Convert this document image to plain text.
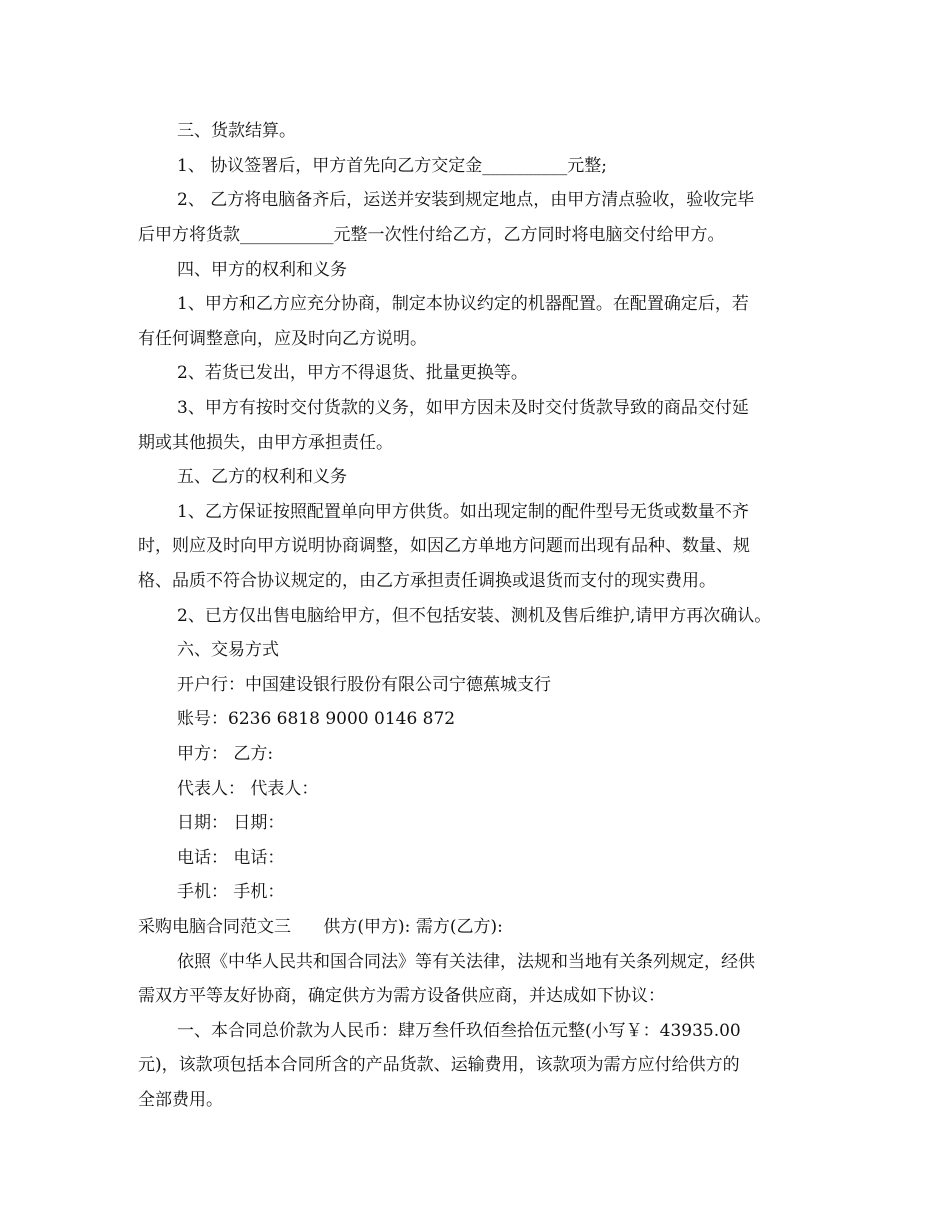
三、货款结算。
1、 协议签署后，甲方首先向乙方交定金__________元整;
2、 乙方将电脑备齐后，运送并安装到规定地点，由甲方清点验收，验收完毕
后甲方将货款___________元整一次性付给乙方，乙方同时将电脑交付给甲方。
四、甲方的权利和义务
1、甲方和乙方应充分协商，制定本协议约定的机器配置。在配置确定后，若
有任何调整意向，应及时向乙方说明。
2、若货已发出，甲方不得退货、批量更换等。
3、甲方有按时交付货款的义务，如甲方因未及时交付货款导致的商品交付延
期或其他损失，由甲方承担责任。
五、乙方的权利和义务
1、乙方保证按照配置单向甲方供货。如出现定制的配件型号无货或数量不齐
时，则应及时向甲方说明协商调整，如因乙方单地方问题而出现有品种、数量、规
格、品质不符合协议规定的，由乙方承担责任调换或退货而支付的现实费用。
2、已方仅出售电脑给甲方，但不包括安装、测机及售后维护,请甲方再次确认。
六、交易方式
开户行：中国建设银行股份有限公司宁德蕉城支行
账号：6236 6818 9000 0146 872
甲方： 乙方:
代表人： 代表人：
日期： 日期：
电话： 电话：
手机： 手机：
采购电脑合同范文三      供方(甲方): 需方(乙方):
依照《中华人民共和国合同法》等有关法律，法规和当地有关条列规定，经供
需双方平等友好协商，确定供方为需方设备供应商，并达成如下协议：
一、本合同总价款为人民币：肆万叁仟玖佰叁拾伍元整(小写￥：43935.00
元)，该款项包括本合同所含的产品货款、运输费用，该款项为需方应付给供方的
全部费用。
